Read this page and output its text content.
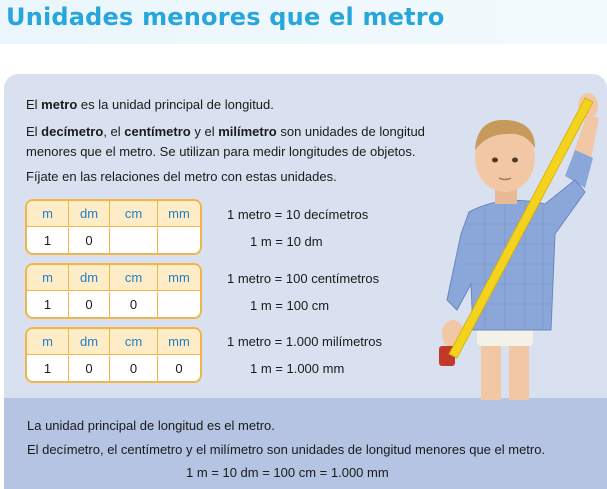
Unidades menores que el metro
El metro es la unidad principal de longitud.
El decímetro, el centímetro y el milímetro son unidades de longitud
menores que el metro. Se utilizan para medir longitudes de objetos.
Fíjate en las relaciones del metro con estas unidades.
m	dm	cm	mm
1	0
1 metro = 10 decímetros
1 m = 10 dm
m	dm	cm	mm
1	0	0
1 metro = 100 centímetros
1 m = 100 cm
m	dm	cm	mm
1	0	0	0
1 metro = 1.000 milímetros
1 m = 1.000 mm
La unidad principal de longitud es el metro.
El decímetro, el centímetro y el milímetro son unidades de longitud menores que el metro.
1 m = 10 dm = 100 cm = 1.000 mm
